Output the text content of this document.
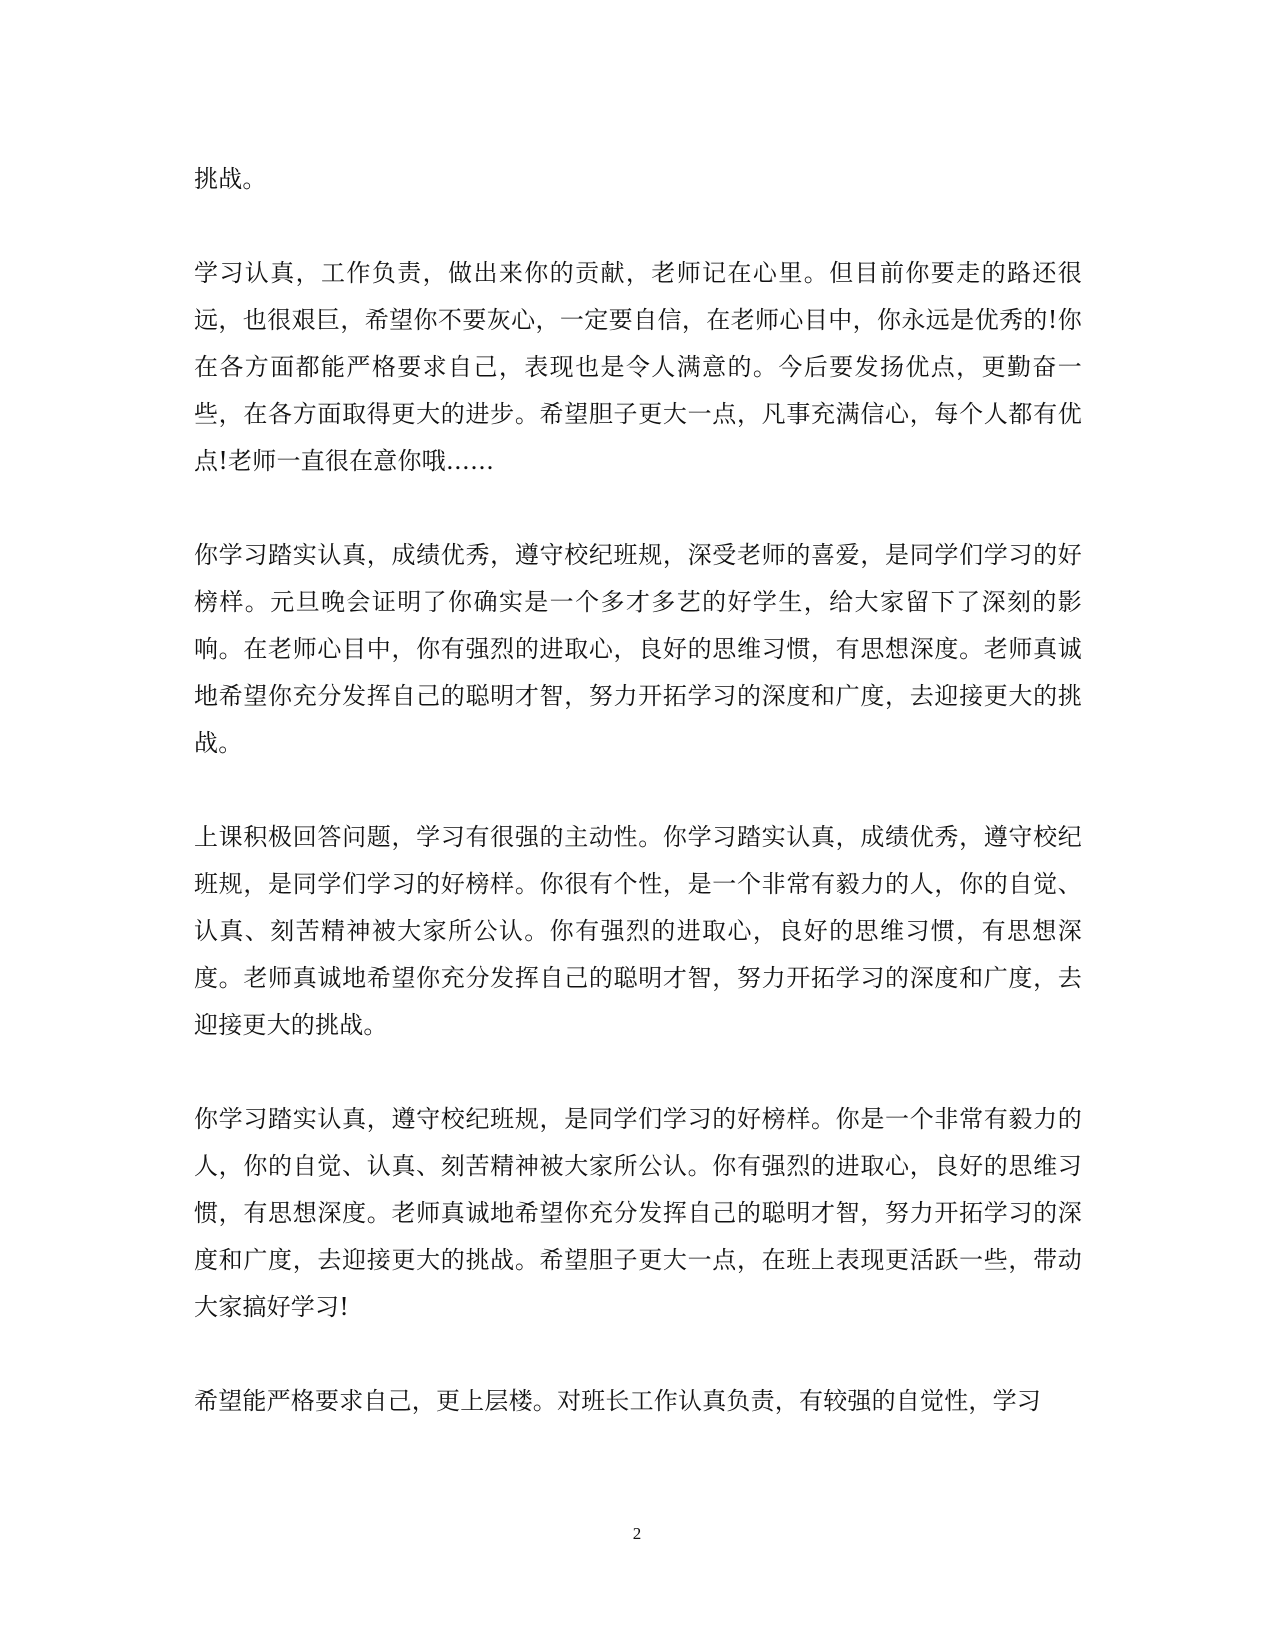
挑战。

学习认真，工作负责，做出来你的贡献，老师记在心里。但目前你要走的路还很远，也很艰巨，希望你不要灰心，一定要自信，在老师心目中，你永远是优秀的!你在各方面都能严格要求自己，表现也是令人满意的。今后要发扬优点，更勤奋一些，在各方面取得更大的进步。希望胆子更大一点，凡事充满信心，每个人都有优点!老师一直很在意你哦……

你学习踏实认真，成绩优秀，遵守校纪班规，深受老师的喜爱，是同学们学习的好榜样。元旦晚会证明了你确实是一个多才多艺的好学生，给大家留下了深刻的影响。在老师心目中，你有强烈的进取心，良好的思维习惯，有思想深度。老师真诚地希望你充分发挥自己的聪明才智，努力开拓学习的深度和广度，去迎接更大的挑战。

上课积极回答问题，学习有很强的主动性。你学习踏实认真，成绩优秀，遵守校纪班规，是同学们学习的好榜样。你很有个性，是一个非常有毅力的人，你的自觉、认真、刻苦精神被大家所公认。你有强烈的进取心，良好的思维习惯，有思想深度。老师真诚地希望你充分发挥自己的聪明才智，努力开拓学习的深度和广度，去迎接更大的挑战。

你学习踏实认真，遵守校纪班规，是同学们学习的好榜样。你是一个非常有毅力的人，你的自觉、认真、刻苦精神被大家所公认。你有强烈的进取心，良好的思维习惯，有思想深度。老师真诚地希望你充分发挥自己的聪明才智，努力开拓学习的深度和广度，去迎接更大的挑战。希望胆子更大一点，在班上表现更活跃一些，带动大家搞好学习!

希望能严格要求自己，更上层楼。对班长工作认真负责，有较强的自觉性，学习

2
